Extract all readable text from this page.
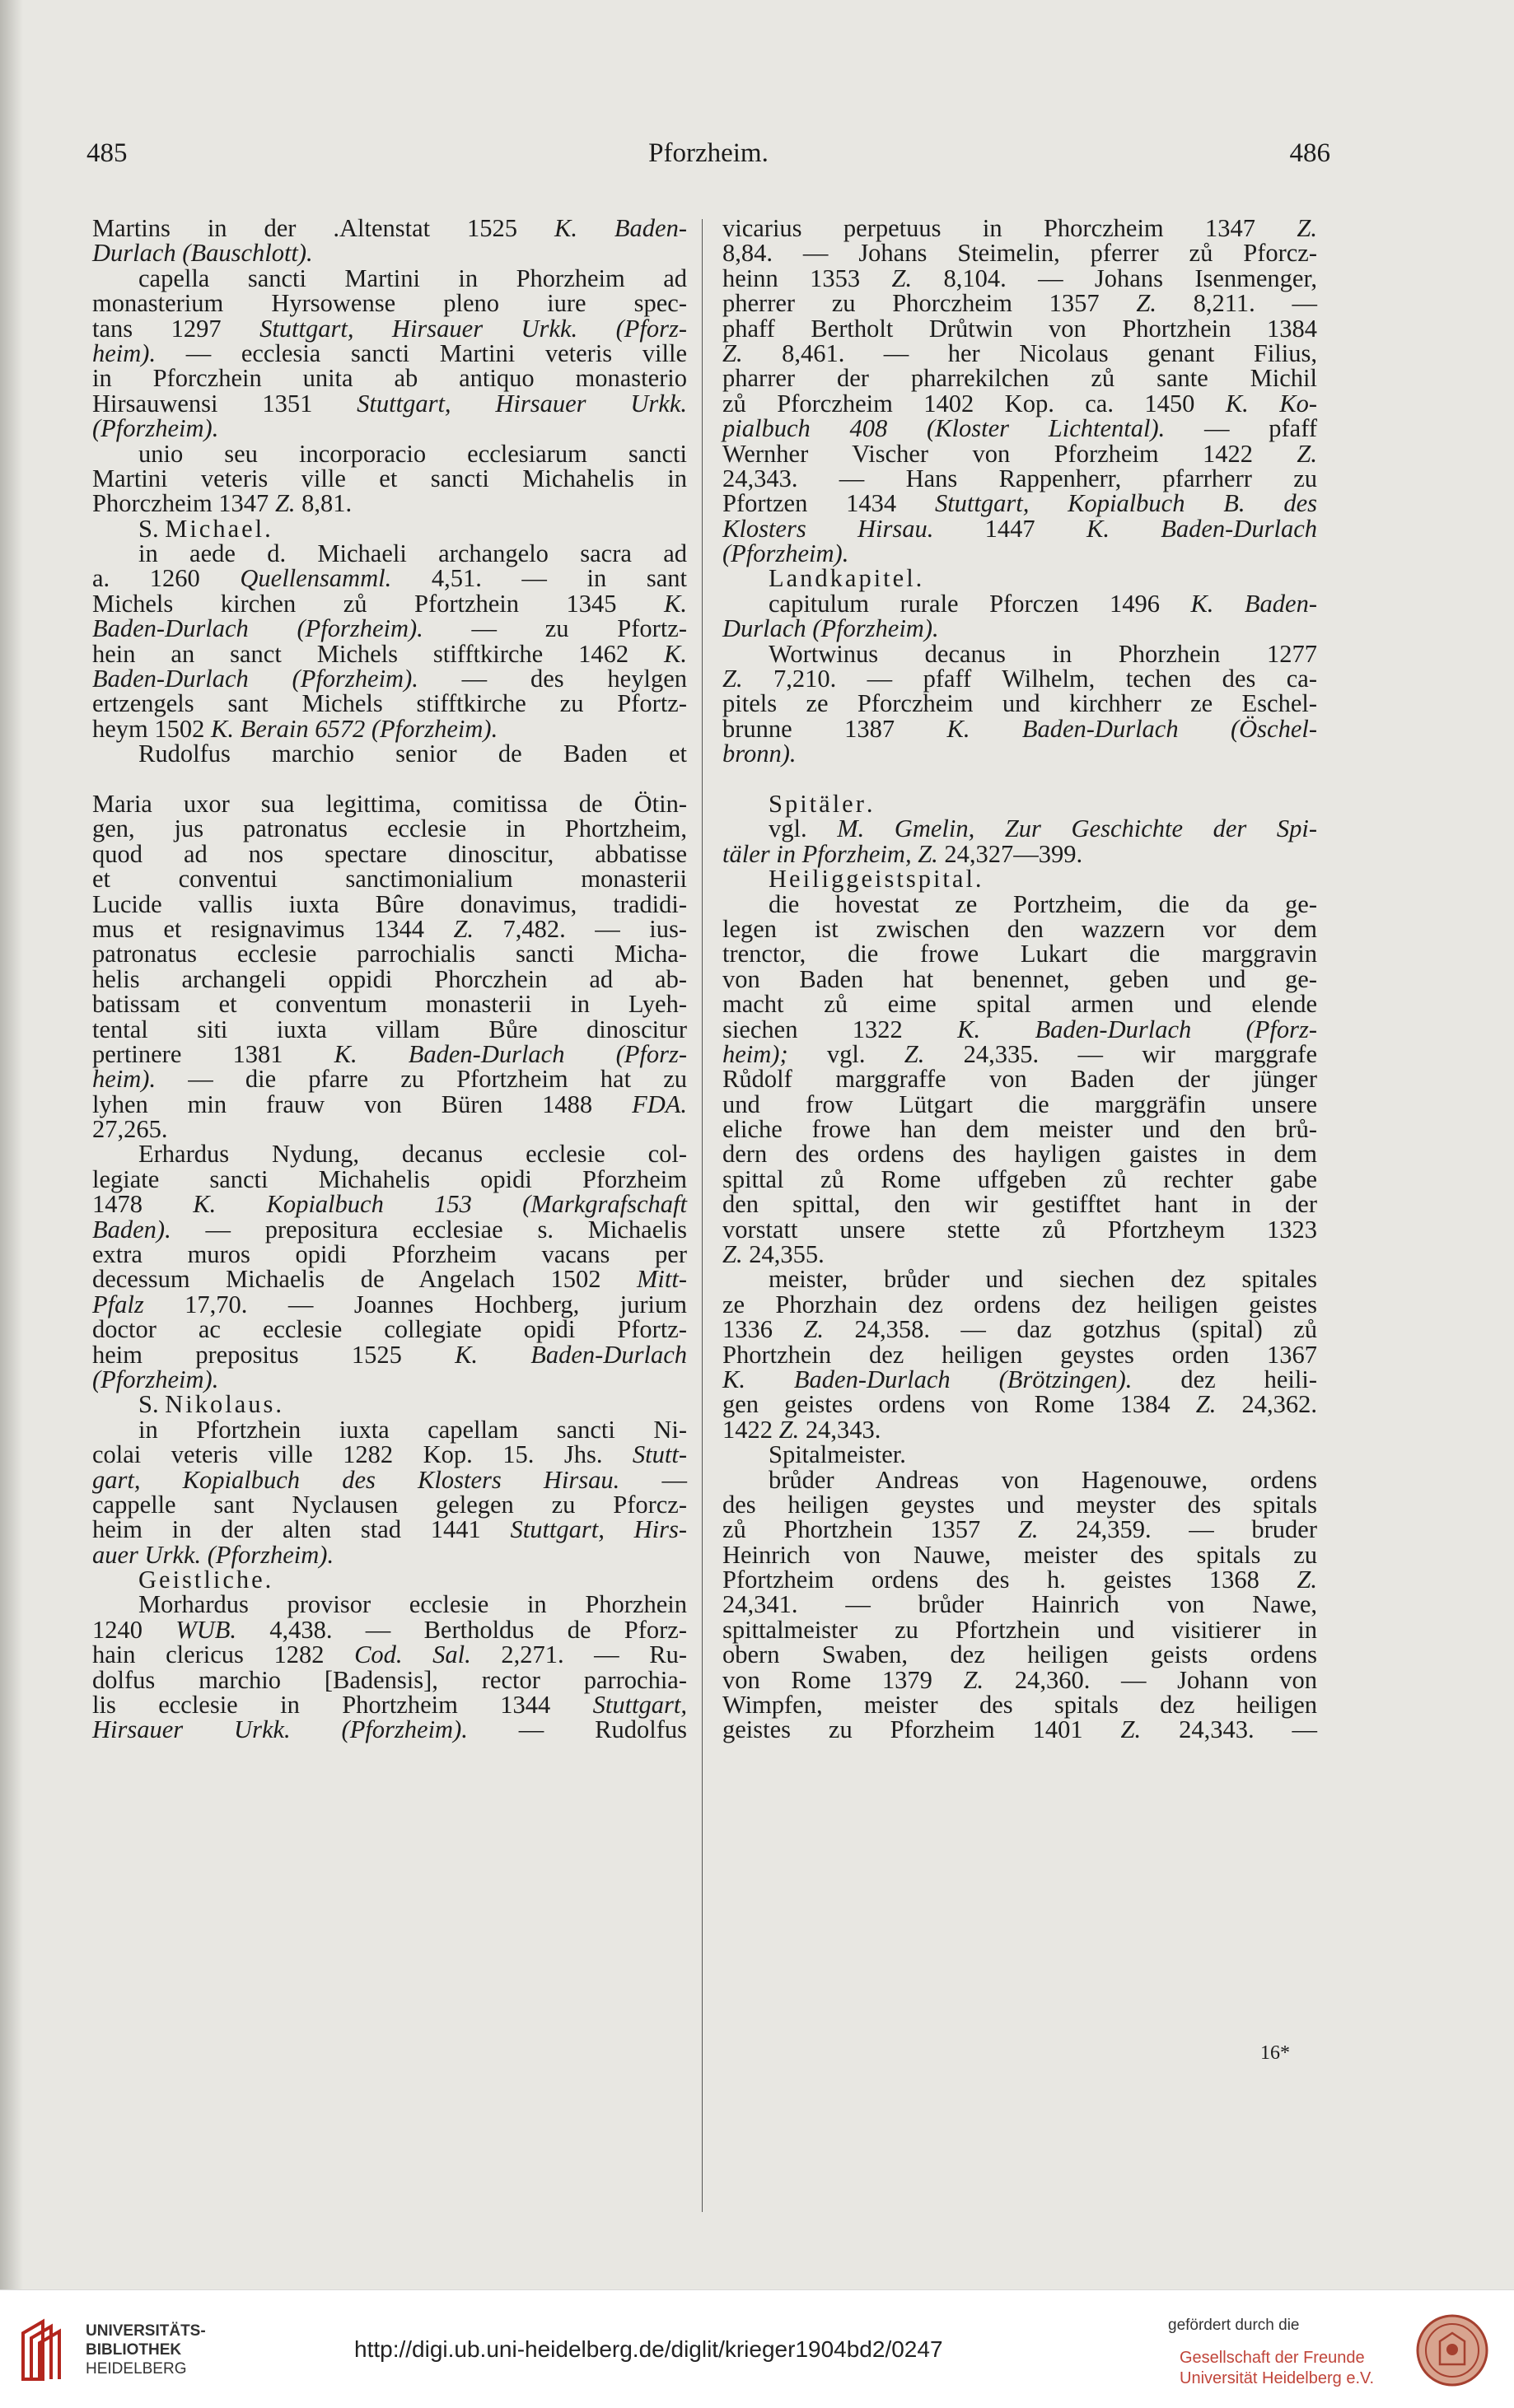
485	Pforzheim.	486
Martins in der .Altenstat 1525 K. Baden-
Durlach (Bauschlott).
capella sancti Martini in Phorzheim ad
monasterium Hyrsowense pleno iure spec-
tans 1297 Stuttgart, Hirsauer Urkk. (Pforz-
heim). — ecclesia sancti Martini veteris ville
in Pforczhein unita ab antiquo monasterio
Hirsauwensi 1351 Stuttgart, Hirsauer Urkk.
(Pforzheim).
unio seu incorporacio ecclesiarum sancti
Martini veteris ville et sancti Michahelis in
Phorczheim 1347 Z. 8,81.
S. Michael.
in aede d. Michaeli archangelo sacra ad
a. 1260 Quellensamml. 4,51. — in sant
Michels kirchen zů Pfortzhein 1345 K.
Baden-Durlach (Pforzheim). — zu Pfortz-
hein an sanct Michels stifftkirche 1462 K.
Baden-Durlach (Pforzheim). — des heylgen
ertzengels sant Michels stifftkirche zu Pfortz-
heym 1502 K. Berain 6572 (Pforzheim).
Rudolfus marchio senior de Baden et

Maria uxor sua legittima, comitissa de Ötin-
gen, jus patronatus ecclesie in Phortzheim,
quod ad nos spectare dinoscitur, abbatisse
et conventui sanctimonialium monasterii
Lucide vallis iuxta Bûre donavimus, tradidi-
mus et resignavimus 1344 Z. 7,482. — ius-
patronatus ecclesie parrochialis sancti Micha-
helis archangeli oppidi Phorczhein ad ab-
batissam et conventum monasterii in Lyeh-
tental siti iuxta villam Bůre dinoscitur
pertinere 1381 K. Baden-Durlach (Pforz-
heim). — die pfarre zu Pfortzheim hat zu
lyhen min frauw von Büren 1488 FDA.
27,265.
Erhardus Nydung, decanus ecclesie col-
legiate sancti Michahelis opidi Pforzheim
1478 K. Kopialbuch 153 (Markgrafschaft
Baden). — prepositura ecclesiae s. Michaelis
extra muros opidi Pforzheim vacans per
decessum Michaelis de Angelach 1502 Mitt-
Pfalz 17,70. — Joannes Hochberg, jurium
doctor ac ecclesie collegiate opidi Pfortz-
heim prepositus 1525 K. Baden-Durlach
(Pforzheim).
S. Nikolaus.
in Pfortzhein iuxta capellam sancti Ni-
colai veteris ville 1282 Kop. 15. Jhs. Stutt-
gart, Kopialbuch des Klosters Hirsau. —
cappelle sant Nyclausen gelegen zu Pforcz-
heim in der alten stad 1441 Stuttgart, Hirs-
auer Urkk. (Pforzheim).
Geistliche.
Morhardus provisor ecclesie in Phorzhein
1240 WUB. 4,438. — Bertholdus de Pforz-
hain clericus 1282 Cod. Sal. 2,271. — Ru-
dolfus marchio [Badensis], rector parrochia-
lis ecclesie in Phortzheim 1344 Stuttgart,
Hirsauer Urkk. (Pforzheim). — Rudolfus
vicarius perpetuus in Phorczheim 1347 Z.
8,84. — Johans Steimelin, pferrer zů Pforcz-
heinn 1353 Z. 8,104. — Johans Isenmenger,
pherrer zu Phorczheim 1357 Z. 8,211. —
phaff Bertholt Drůtwin von Phortzhein 1384
Z. 8,461. — her Nicolaus genant Filius,
pharrer der pharrekilchen zů sante Michil
zů Pforczheim 1402 Kop. ca. 1450 K. Ko-
pialbuch 408 (Kloster Lichtental). — pfaff
Wernher Vischer von Pforzheim 1422 Z.
24,343. — Hans Rappenherr, pfarrherr zu
Pfortzen 1434 Stuttgart, Kopialbuch B. des
Klosters Hirsau. 1447 K. Baden-Durlach
(Pforzheim).
Landkapitel.
capitulum rurale Pforczen 1496 K. Baden-
Durlach (Pforzheim).
Wortwinus decanus in Phorzhein 1277
Z. 7,210. — pfaff Wilhelm, techen des ca-
pitels ze Pforczheim und kirchherr ze Eschel-
brunne 1387 K. Baden-Durlach (Öschel-
bronn).

Spitäler.
vgl. M. Gmelin, Zur Geschichte der Spi-
täler in Pforzheim, Z. 24,327—399.
Heiliggeistspital.
die hovestat ze Portzheim, die da ge-
legen ist zwischen den wazzern vor dem
trenctor, die frowe Lukart die marggravin
von Baden hat benennet, geben und ge-
macht zů eime spital armen und elende
siechen 1322 K. Baden-Durlach (Pforz-
heim); vgl. Z. 24,335. — wir marggrafe
Růdolf marggraffe von Baden der jünger
und frow Lütgart die marggräfin unsere
eliche frowe han dem meister und den brů-
dern des ordens des hayligen gaistes in dem
spittal zů Rome uffgeben zů rechter gabe
den spittal, den wir gestifftet hant in der
vorstatt unsere stette zů Pfortzheym 1323
Z. 24,355.
meister, brůder und siechen dez spitales
ze Phorzhain dez ordens dez heiligen geistes
1336 Z. 24,358. — daz gotzhus (spital) zů
Phortzhein dez heiligen geystes orden 1367
K. Baden-Durlach (Brötzingen). dez heili-
gen geistes ordens von Rome 1384 Z. 24,362.
1422 Z. 24,343.
Spitalmeister.
brůder Andreas von Hagenouwe, ordens
des heiligen geystes und meyster des spitals
zů Phortzhein 1357 Z. 24,359. — bruder
Heinrich von Nauwe, meister des spitals zu
Pfortzheim ordens des h. geistes 1368 Z.
24,341. — brůder Hainrich von Nawe,
spittalmeister zu Pfortzhein und visitierer in
obern Swaben, dez heiligen geists ordens
von Rome 1379 Z. 24,360. — Johann von
Wimpfen, meister des spitals dez heiligen
geistes zu Pforzheim 1401 Z. 24,343. —
16*
UNIVERSITÄTS-
BIBLIOTHEK
HEIDELBERG
http://digi.ub.uni-heidelberg.de/diglit/krieger1904bd2/0247
gefördert durch die
Gesellschaft der Freunde
Universität Heidelberg e.V.
